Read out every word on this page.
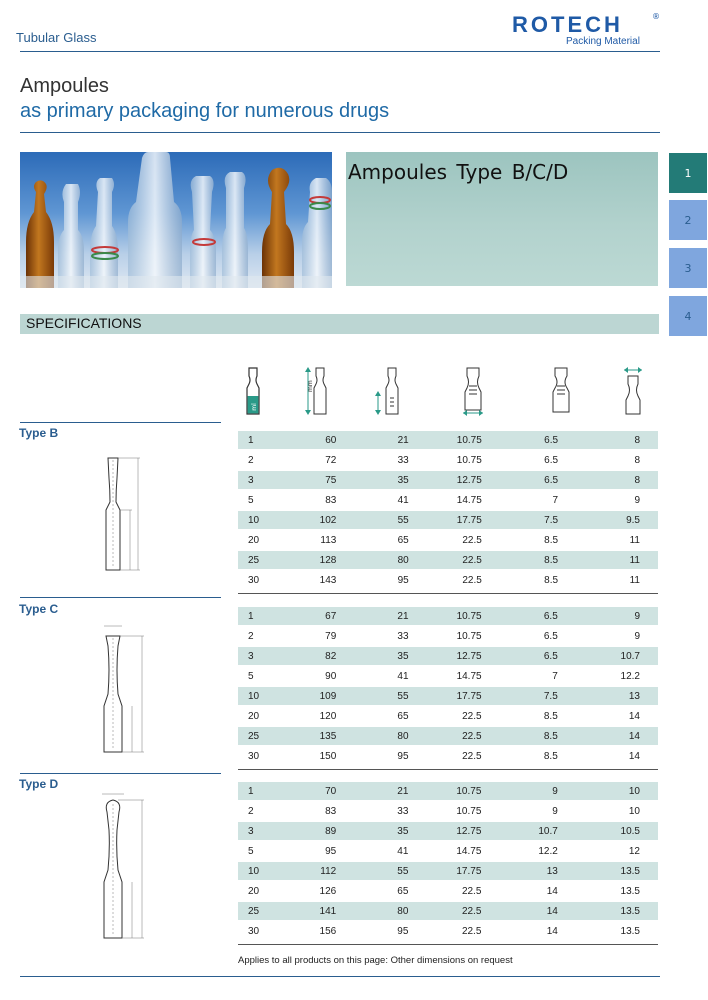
Tubular Glass
ROTECH	®
Packing Material
Ampoules
as primary packaging for numerous drugs
Ampoules Type B/C/D	1
2
3
4
SPECIFICATIONS
ml
mm
Type B	1	60	21	10.75	6.5	8
2	72	33	10.75	6.5	8
3	75	35	12.75	6.5	8
5	83	41	14.75	7	9
10	102	55	17.75	7.5	9.5
20	113	65	22.5	8.5	11
25	128	80	22.5	8.5	11
30	143	95	22.5	8.5	11
Type C	1	67	21	10.75	6.5	9
2	79	33	10.75	6.5	9
3	82	35	12.75	6.5	10.7
5	90	41	14.75	7	12.2
10	109	55	17.75	7.5	13
20	120	65	22.5	8.5	14
25	135	80	22.5	8.5	14
30	150	95	22.5	8.5	14
Type D	1	70	21	10.75	9	10
2	83	33	10.75	9	10
3	89	35	12.75	10.7	10.5
5	95	41	14.75	12.2	12
10	112	55	17.75	13	13.5
20	126	65	22.5	14	13.5
25	141	80	22.5	14	13.5
30	156	95	22.5	14	13.5
Applies to all products on this page: Other dimensions on request
